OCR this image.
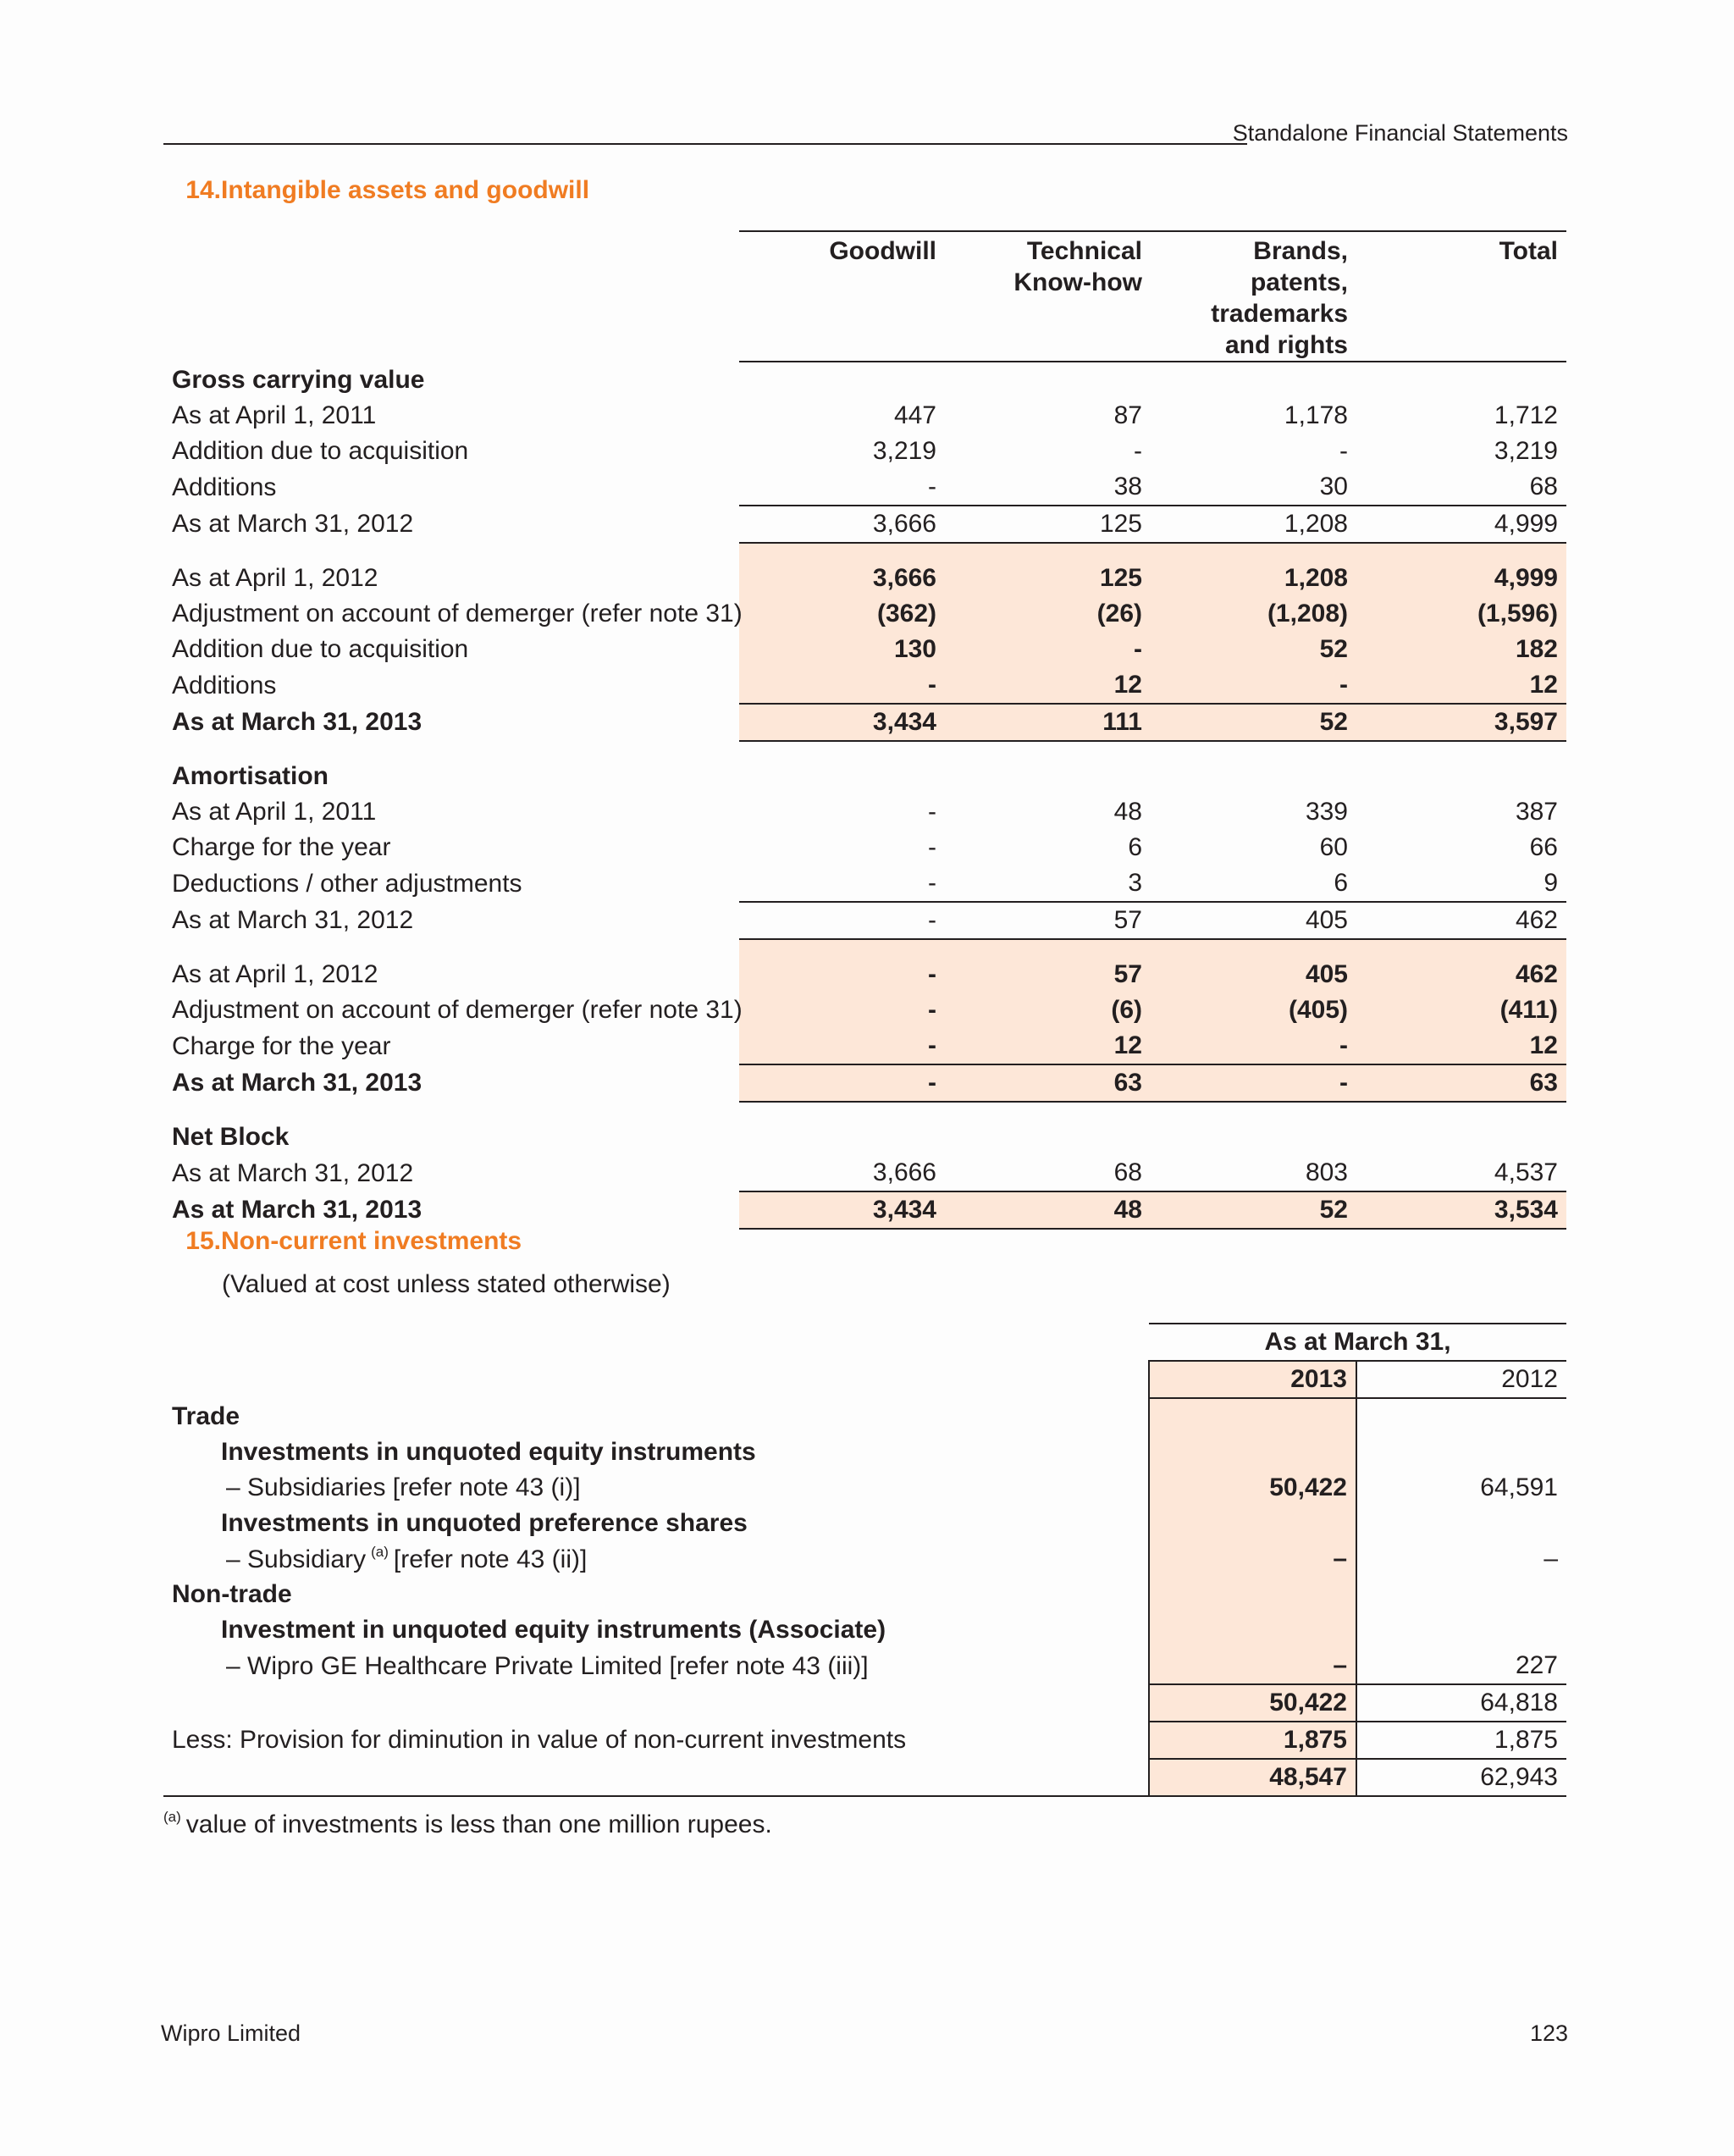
Standalone Financial Statements
14.Intangible assets and goodwill
	Goodwill	Technical Know-how	Brands, patents, trademarks and rights	Total
Gross carrying value				
As at April 1, 2011	447	87	1,178	1,712
Addition due to acquisition	3,219	-	-	3,219
Additions	-	38	30	68
As at March 31, 2012	3,666	125	1,208	4,999

As at April 1, 2012	3,666	125	1,208	4,999
Adjustment on account of demerger (refer note 31)	(362)	(26)	(1,208)	(1,596)
Addition due to acquisition	130	-	52	182
Additions	-	12	-	12
As at March 31, 2013	3,434	111	52	3,597

Amortisation				
As at April 1, 2011	-	48	339	387
Charge for the year	-	6	60	66
Deductions / other adjustments	-	3	6	9
As at March 31, 2012	-	57	405	462

As at April 1, 2012	-	57	405	462
Adjustment on account of demerger (refer note 31)	-	(6)	(405)	(411)
Charge for the year	-	12	-	12
As at March 31, 2013	-	63	-	63

Net Block				
As at March 31, 2012	3,666	68	803	4,537
As at March 31, 2013	3,434	48	52	3,534
15.Non-current investments
(Valued at cost unless stated otherwise)
	As at March 31,	
	2013	2012
Trade		
Investments in unquoted equity instruments		
– Subsidiaries [refer note 43 (i)]	50,422	64,591
Investments in unquoted preference shares		
– Subsidiary $^{(a)}$ [refer note 43 (ii)]	–	–
Non-trade		
Investment in unquoted equity instruments (Associate)		
– Wipro GE Healthcare Private Limited [refer note 43 (iii)]	–	227
	50,422	64,818
Less: Provision for diminution in value of non-current investments	1,875	1,875
	48,547	62,943
$^{(a)}$ value of investments is less than one million rupees.
Wipro Limited	123
